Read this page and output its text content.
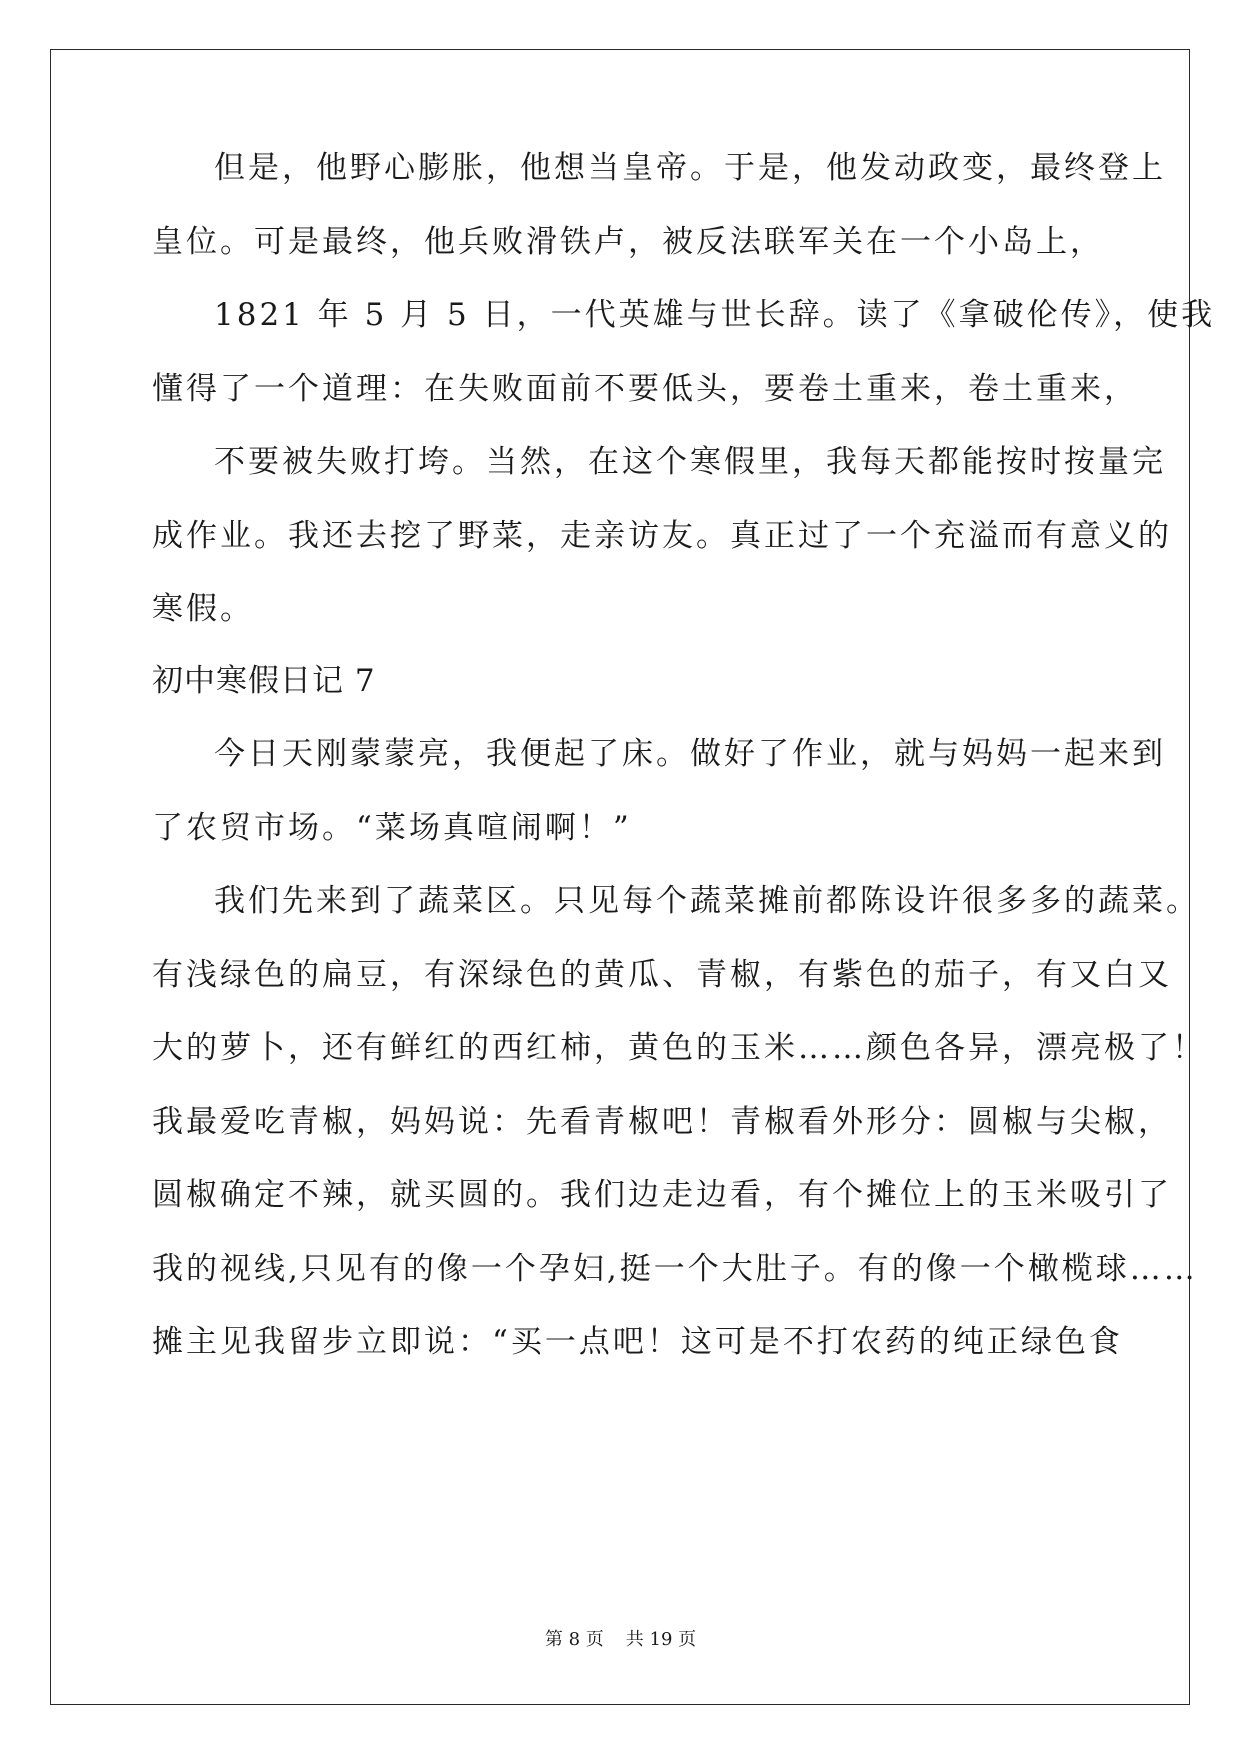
但是，他野心膨胀，他想当皇帝。于是，他发动政变，最终登上
皇位。可是最终，他兵败滑铁卢，被反法联军关在一个小岛上，
1821 年 5 月 5 日，一代英雄与世长辞。读了《拿破伦传》，使我
懂得了一个道理：在失败面前不要低头，要卷土重来，卷土重来，
不要被失败打垮。当然，在这个寒假里，我每天都能按时按量完
成作业。我还去挖了野菜，走亲访友。真正过了一个充溢而有意义的
寒假。
初中寒假日记 7
今日天刚蒙蒙亮，我便起了床。做好了作业，就与妈妈一起来到
了农贸市场。“菜场真喧闹啊！”
我们先来到了蔬菜区。只见每个蔬菜摊前都陈设许很多多的蔬菜。
有浅绿色的扁豆，有深绿色的黄瓜、青椒，有紫色的茄子，有又白又
大的萝卜，还有鲜红的西红柿，黄色的玉米……颜色各异，漂亮极了！
我最爱吃青椒，妈妈说：先看青椒吧！青椒看外形分：圆椒与尖椒，
圆椒确定不辣，就买圆的。我们边走边看，有个摊位上的玉米吸引了
我的视线,只见有的像一个孕妇,挺一个大肚子。有的像一个橄榄球……
摊主见我留步立即说：“买一点吧！这可是不打农药的纯正绿色食
第 8 页 共 19 页
